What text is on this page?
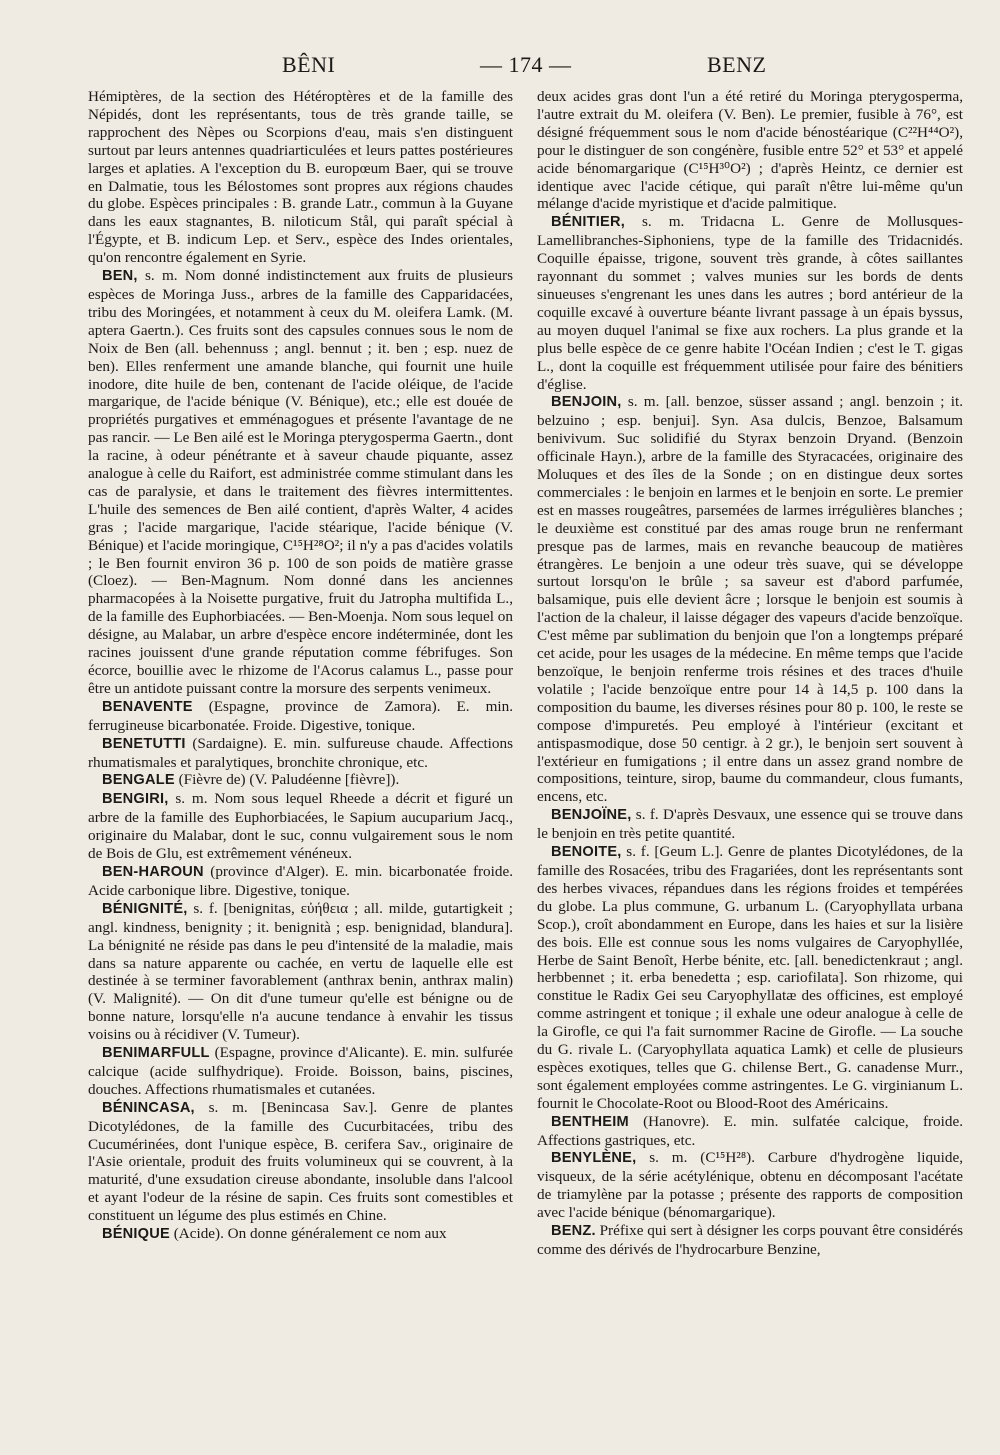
BÊNI	— 174 —	BENZ

Hémiptères, de la section des Hétéroptères et de la famille des Népidés, dont les représentants, tous de très grande taille, se rapprochent des Nèpes ou Scorpions d'eau, mais s'en distinguent surtout par leurs antennes quadriarticulées et leurs pattes postérieures larges et aplaties. A l'exception du B. europœum Baer, qui se trouve en Dalmatie, tous les Bélostomes sont propres aux régions chaudes du globe. Espèces principales : B. grande Latr., commun à la Guyane dans les eaux stagnantes, B. niloticum Stål, qui paraît spécial à l'Égypte, et B. indicum Lep. et Serv., espèce des Indes orientales, qu'on rencontre également en Syrie.

BEN, s. m. Nom donné indistinctement aux fruits de plusieurs espèces de Moringa Juss., arbres de la famille des Capparidacées, tribu des Moringées, et notamment à ceux du M. oleifera Lamk. (M. aptera Gaertn.). Ces fruits sont des capsules connues sous le nom de Noix de Ben (all. behennuss ; angl. bennut ; it. ben ; esp. nuez de ben). Elles renferment une amande blanche, qui fournit une huile inodore, dite huile de ben, contenant de l'acide oléique, de l'acide margarique, de l'acide bénique (V. Bénique), etc.; elle est douée de propriétés purgatives et emménagogues et présente l'avantage de ne pas rancir. — Le Ben ailé est le Moringa pterygosperma Gaertn., dont la racine, à odeur pénétrante et à saveur chaude piquante, assez analogue à celle du Raifort, est administrée comme stimulant dans les cas de paralysie, et dans le traitement des fièvres intermittentes. L'huile des semences de Ben ailé contient, d'après Walter, 4 acides gras ; l'acide margarique, l'acide stéarique, l'acide bénique (V. Bénique) et l'acide moringique, C¹⁵H²⁸O²; il n'y a pas d'acides volatils ; le Ben fournit environ 36 p. 100 de son poids de matière grasse (Cloez). — Ben-Magnum. Nom donné dans les anciennes pharmacopées à la Noisette purgative, fruit du Jatropha multifida L., de la famille des Euphorbiacées. — Ben-Moenja. Nom sous lequel on désigne, au Malabar, un arbre d'espèce encore indéterminée, dont les racines jouissent d'une grande réputation comme fébrifuges. Son écorce, bouillie avec le rhizome de l'Acorus calamus L., passe pour être un antidote puissant contre la morsure des serpents venimeux.

BENAVENTE (Espagne, province de Zamora). E. min. ferrugineuse bicarbonatée. Froide. Digestive, tonique.

BENETUTTI (Sardaigne). E. min. sulfureuse chaude. Affections rhumatismales et paralytiques, bronchite chronique, etc.

BENGALE (Fièvre de) (V. Paludéenne [fièvre]).

BENGIRI, s. m. Nom sous lequel Rheede a décrit et figuré un arbre de la famille des Euphorbiacées, le Sapium aucuparium Jacq., originaire du Malabar, dont le suc, connu vulgairement sous le nom de Bois de Glu, est extrêmement vénéneux.

BEN-HAROUN (province d'Alger). E. min. bicarbonatée froide. Acide carbonique libre. Digestive, tonique.

BÉNIGNITÉ, s. f. [benignitas, εὐήθεια ; all. milde, gutartigkeit ; angl. kindness, benignity ; it. benignità ; esp. benignidad, blandura]. La bénignité ne réside pas dans le peu d'intensité de la maladie, mais dans sa nature apparente ou cachée, en vertu de laquelle elle est destinée à se terminer favorablement (anthrax benin, anthrax malin) (V. Malignité). — On dit d'une tumeur qu'elle est bénigne ou de bonne nature, lorsqu'elle n'a aucune tendance à envahir les tissus voisins ou à récidiver (V. Tumeur).

BENIMARFULL (Espagne, province d'Alicante). E. min. sulfurée calcique (acide sulfhydrique). Froide. Boisson, bains, piscines, douches. Affections rhumatismales et cutanées.

BÉNINCASA, s. m. [Benincasa Sav.]. Genre de plantes Dicotylédones, de la famille des Cucurbitacées, tribu des Cucumérinées, dont l'unique espèce, B. cerifera Sav., originaire de l'Asie orientale, produit des fruits volumineux qui se couvrent, à la maturité, d'une exsudation cireuse abondante, insoluble dans l'alcool et ayant l'odeur de la résine de sapin. Ces fruits sont comestibles et constituent un légume des plus estimés en Chine.

BÉNIQUE (Acide). On donne généralement ce nom aux

deux acides gras dont l'un a été retiré du Moringa pterygosperma, l'autre extrait du M. oleifera (V. Ben). Le premier, fusible à 76°, est désigné fréquemment sous le nom d'acide bénostéarique (C²²H⁴⁴O²), pour le distinguer de son congénère, fusible entre 52° et 53° et appelé acide bénomargarique (C¹⁵H³⁰O²) ; d'après Heintz, ce dernier est identique avec l'acide cétique, qui paraît n'être lui-même qu'un mélange d'acide myristique et d'acide palmitique.

BÉNITIER, s. m. Tridacna L. Genre de Mollusques-Lamellibranches-Siphoniens, type de la famille des Tridacnidés. Coquille épaisse, trigone, souvent très grande, à côtes saillantes rayonnant du sommet ; valves munies sur les bords de dents sinueuses s'engrenant les unes dans les autres ; bord antérieur de la coquille excavé à ouverture béante livrant passage à un épais byssus, au moyen duquel l'animal se fixe aux rochers. La plus grande et la plus belle espèce de ce genre habite l'Océan Indien ; c'est le T. gigas L., dont la coquille est fréquemment utilisée pour faire des bénitiers d'église.

BENJOIN, s. m. [all. benzoe, süsser assand ; angl. benzoin ; it. belzuino ; esp. benjui]. Syn. Asa dulcis, Benzoe, Balsamum benivivum. Suc solidifié du Styrax benzoin Dryand. (Benzoin officinale Hayn.), arbre de la famille des Styracacées, originaire des Moluques et des îles de la Sonde ; on en distingue deux sortes commerciales : le benjoin en larmes et le benjoin en sorte. Le premier est en masses rougeâtres, parsemées de larmes irrégulières blanches ; le deuxième est constitué par des amas rouge brun ne renfermant presque pas de larmes, mais en revanche beaucoup de matières étrangères. Le benjoin a une odeur très suave, qui se développe surtout lorsqu'on le brûle ; sa saveur est d'abord parfumée, balsamique, puis elle devient âcre ; lorsque le benjoin est soumis à l'action de la chaleur, il laisse dégager des vapeurs d'acide benzoïque. C'est même par sublimation du benjoin que l'on a longtemps préparé cet acide, pour les usages de la médecine. En même temps que l'acide benzoïque, le benjoin renferme trois résines et des traces d'huile volatile ; l'acide benzoïque entre pour 14 à 14,5 p. 100 dans la composition du baume, les diverses résines pour 80 p. 100, le reste se compose d'impuretés. Peu employé à l'intérieur (excitant et antispasmodique, dose 50 centigr. à 2 gr.), le benjoin sert souvent à l'extérieur en fumigations ; il entre dans un assez grand nombre de compositions, teinture, sirop, baume du commandeur, clous fumants, encens, etc.

BENJOÏNE, s. f. D'après Desvaux, une essence qui se trouve dans le benjoin en très petite quantité.

BENOITE, s. f. [Geum L.]. Genre de plantes Dicotylédones, de la famille des Rosacées, tribu des Fragariées, dont les représentants sont des herbes vivaces, répandues dans les régions froides et tempérées du globe. La plus commune, G. urbanum L. (Caryophyllata urbana Scop.), croît abondamment en Europe, dans les haies et sur la lisière des bois. Elle est connue sous les noms vulgaires de Caryophyllée, Herbe de Saint Benoît, Herbe bénite, etc. [all. benedictenkraut ; angl. herbbennet ; it. erba benedetta ; esp. cariofilata]. Son rhizome, qui constitue le Radix Gei seu Caryophyllatæ des officines, est employé comme astringent et tonique ; il exhale une odeur analogue à celle de la Girofle, ce qui l'a fait surnommer Racine de Girofle. — La souche du G. rivale L. (Caryophyllata aquatica Lamk) et celle de plusieurs espèces exotiques, telles que G. chilense Bert., G. canadense Murr., sont également employées comme astringentes. Le G. virginianum L. fournit le Chocolate-Root ou Blood-Root des Américains.

BENTHEIM (Hanovre). E. min. sulfatée calcique, froide. Affections gastriques, etc.

BENYLÈNE, s. m. (C¹⁵H²⁸). Carbure d'hydrogène liquide, visqueux, de la série acétylénique, obtenu en décomposant l'acétate de triamylène par la potasse ; présente des rapports de composition avec l'acide bénique (bénomargarique).

BENZ. Préfixe qui sert à désigner les corps pouvant être considérés comme des dérivés de l'hydrocarbure Benzine,
